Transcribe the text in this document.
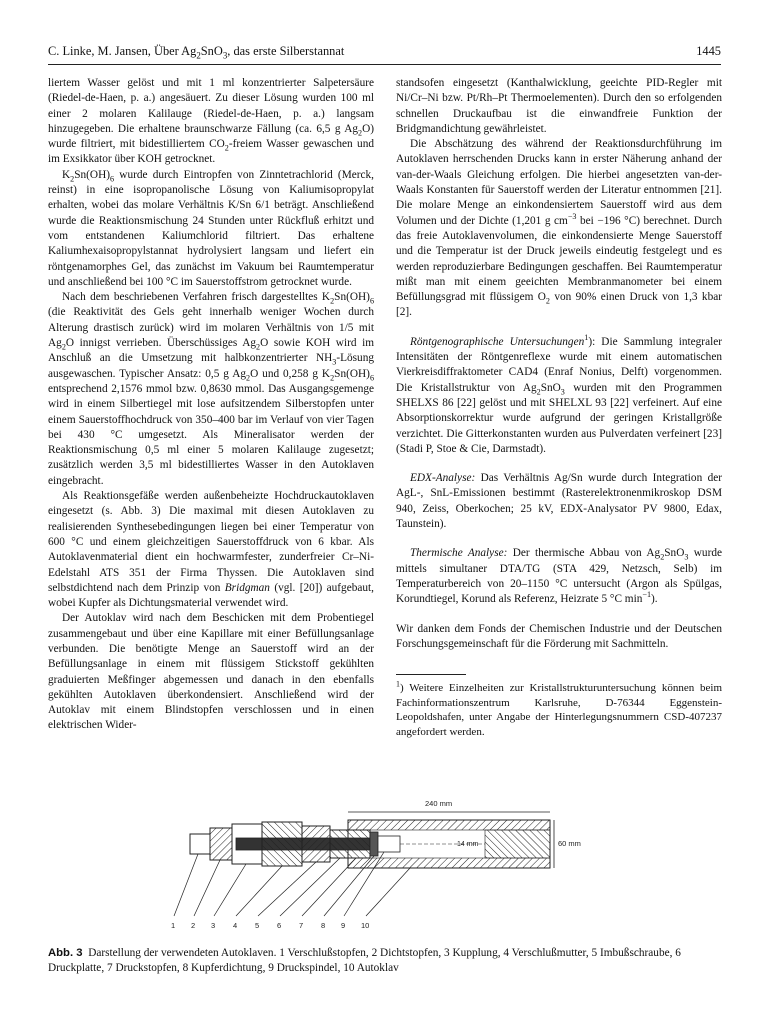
C. Linke, M. Jansen, Über $Ag_2SnO_3$, das erste Silberstannat	1445

liertem Wasser gelöst und mit 1 ml konzentrierter Salpetersäure (Riedel-de-Haen, p. a.) angesäuert. Zu dieser Lösung wurden 100 ml einer 2 molaren Kalilauge (Riedel-de-Haen, p. a.) langsam hinzugegeben. Die erhaltene braunschwarze Fällung (ca. 6,5 g $Ag_2O$) wurde filtriert, mit bidestilliertem $CO_2$-freiem Wasser gewaschen und im Exsikkator über KOH getrocknet.

$K_2Sn(OH)_6$ wurde durch Eintropfen von Zinntetrachlorid (Merck, reinst) in eine isopropanolische Lösung von Kaliumisopropylat erhalten, wobei das molare Verhältnis K/Sn 6/1 beträgt. Anschließend wurde die Reaktionsmischung 24 Stunden unter Rückfluß erhitzt und vom entstandenen Kaliumchlorid filtriert. Das erhaltene Kaliumhexaisopropylstannat hydrolysiert langsam und liefert ein röntgenamorphes Gel, das zunächst im Vakuum bei Raumtemperatur und anschließend bei 100 °C im Sauerstoffstrom getrocknet wurde.

Nach dem beschriebenen Verfahren frisch dargestelltes $K_2Sn(OH)_6$ (die Reaktivität des Gels geht innerhalb weniger Wochen durch Alterung drastisch zurück) wird im molaren Verhältnis von 1/5 mit $Ag_2O$ innigst verrieben. Überschüssiges $Ag_2O$ sowie KOH wird im Anschluß an die Umsetzung mit halbkonzentrierter $NH_3$-Lösung ausgewaschen. Typischer Ansatz: 0,5 g $Ag_2O$ und 0,258 g $K_2Sn(OH)_6$ entsprechend 2,1576 mmol bzw. 0,8630 mmol. Das Ausgangsgemenge wird in einem Silbertiegel mit lose aufsitzendem Silberstopfen unter einem Sauerstoffhochdruck von 350–400 bar im Verlauf von vier Tagen bei 430 °C umgesetzt. Als Mineralisator werden der Reaktionsmischung 0,5 ml einer 5 molaren Kalilauge zugesetzt; zusätzlich werden 3,5 ml bidestilliertes Wasser in den Autoklaven eingebracht.

Als Reaktionsgefäße werden außenbeheizte Hochdruckautoklaven eingesetzt (s. Abb. 3) Die maximal mit diesen Autoklaven zu realisierenden Synthesebedingungen liegen bei einer Temperatur von 600 °C und einem gleichzeitigen Sauerstoffdruck von 6 kbar. Als Autoklavenmaterial dient ein hochwarmfester, zunderfreier Cr–Ni-Edelstahl ATS 351 der Firma Thyssen. Die Autoklaven sind selbstdichtend nach dem Prinzip von Bridgman (vgl. [20]) aufgebaut, wobei Kupfer als Dichtungsmaterial verwendet wird.

Der Autoklav wird nach dem Beschicken mit dem Probentiegel zusammengebaut und über eine Kapillare mit einer Befüllungsanlage verbunden. Die benötigte Menge an Sauerstoff wird an der Befüllungsanlage in einem mit flüssigem Stickstoff gekühlten graduierten Meßfinger abgemessen und danach in den ebenfalls gekühlten Autoklaven überkondensiert. Anschließend wird der Autoklav mit einem Blindstopfen verschlossen und in einen elektrischen Wider-

standsofen eingesetzt (Kanthalwicklung, geeichte PID-Regler mit Ni/Cr–Ni bzw. Pt/Rh–Pt Thermoelementen). Durch den so erfolgenden schnellen Druckaufbau ist die einwandfreie Funktion der Bridgmandichtung gewährleistet.

Die Abschätzung des während der Reaktionsdurchführung im Autoklaven herrschenden Drucks kann in erster Näherung anhand der van-der-Waals Gleichung erfolgen. Die hierbei angesetzten van-der-Waals Konstanten für Sauerstoff werden der Literatur entnommen [21]. Die molare Menge an einkondensiertem Sauerstoff wird aus dem Volumen und der Dichte (1,201 g $cm^{-3}$ bei −196 °C) berechnet. Durch das freie Autoklavenvolumen, die einkondensierte Menge Sauerstoff und die Temperatur ist der Druck jeweils eindeutig festgelegt und es werden reproduzierbare Bedingungen geschaffen. Bei Raumtemperatur mißt man mit einem geeichten Membranmanometer bei einem Befüllungsgrad mit flüssigem $O_2$ von 90% einen Druck von 1,3 kbar [2].

Röntgenographische Untersuchungen$^1$): Die Sammlung integraler Intensitäten der Röntgenreflexe wurde mit einem automatischen Vierkreisdiffraktometer CAD4 (Enraf Nonius, Delft) vorgenommen. Die Kristallstruktur von $Ag_2SnO_3$ wurden mit den Programmen SHELXS 86 [22] gelöst und mit SHELXL 93 [22] verfeinert. Auf eine Absorptionskorrektur wurde aufgrund der geringen Kristallgröße verzichtet. Die Gitterkonstanten wurden aus Pulverdaten verfeinert [23] (Stadi P, Stoe & Cie, Darmstadt).

EDX-Analyse: Das Verhältnis Ag/Sn wurde durch Integration der AgL-, SnL-Emissionen bestimmt (Rasterelektronenmikroskop DSM 940, Zeiss, Oberkochen; 25 kV, EDX-Analysator PV 9800, Edax, Taunstein).

Thermische Analyse: Der thermische Abbau von $Ag_2SnO_3$ wurde mittels simultaner DTA/TG (STA 429, Netzsch, Selb) im Temperaturbereich von 20–1150 °C untersucht (Argon als Spülgas, Korundtiegel, Korund als Referenz, Heizrate 5 °C $\min^{-1}$).

Wir danken dem Fonds der Chemischen Industrie und der Deutschen Forschungsgemeinschaft für die Förderung mit Sachmitteln.

$^1$) Weitere Einzelheiten zur Kristallstrukturuntersuchung können beim Fachinformationszentrum Karlsruhe, D-76344 Eggenstein-Leopoldshafen, unter Angabe der Hinterlegungsnummern CSD-407237 angefordert werden.

240 mm
14 mm	60 mm
1 2 3 4 5 6 7 8 9 10
Abb. 3 Darstellung der verwendeten Autoklaven. 1 Verschlußstopfen, 2 Dichtstopfen, 3 Kupplung, 4 Verschlußmutter, 5 Imbußschraube, 6 Druckplatte, 7 Druckstopfen, 8 Kupferdichtung, 9 Druckspindel, 10 Autoklav
